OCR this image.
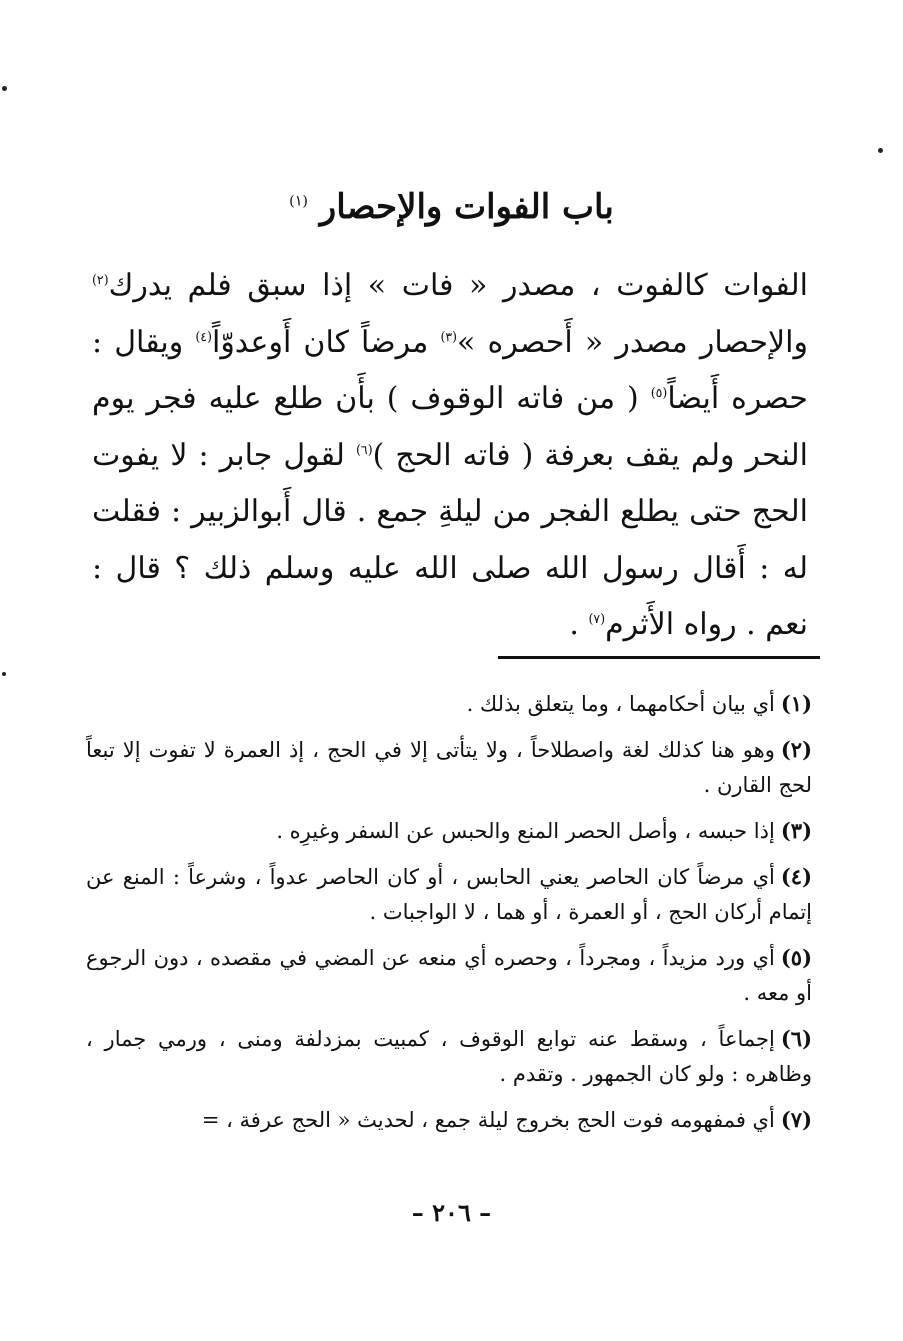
باب الفوات والإحصار $^{(١)}$

الفوات كالفوت ، مصدر « فات » إذا سبق فلم يدرك$^{(٢)}$ والإحصار مصدر « أَحصره »$^{(٣)}$ مرضاً كان أَوعدوّاً$^{(٤)}$ ويقال : حصره أَيضاً$^{(٥)}$ ( من فاته الوقوف ) بأَن طلع عليه فجر يوم النحر ولم يقف بعرفة ( فاته الحج )$^{(٦)}$ لقول جابر : لا يفوت الحج حتى يطلع الفجر من ليلةِ جمع . قال أَبوالزبير : فقلت له : أَقال رسول الله صلى الله عليه وسلم ذلك ؟ قال : نعم . رواه الأَثرم$^{(٧)}$ .

(١)أي بيان أحكامهما ، وما يتعلق بذلك .

(٢)وهو هنا كذلك لغة واصطلاحاً ، ولا يتأتى إلا في الحج ، إذ العمرة لا تفوت إلا تبعاً لحج القارن .

(٣)إذا حبسه ، وأصل الحصر المنع والحبس عن السفر وغيرِه .

(٤)أي مرضاً كان الحاصر يعني الحابس ، أو كان الحاصر عدواً ، وشرعاً : المنع عن إتمام أركان الحج ، أو العمرة ، أو هما ، لا الواجبات .

(٥)أي ورد مزيداً ، ومجرداً ، وحصره أي منعه عن المضي في مقصده ، دون الرجوع أو معه .

(٦)إجماعاً ، وسقط عنه توابع الوقوف ، كمبيت بمزدلفة ومنى ، ورمي جمار ، وظاهره : ولو كان الجمهور . وتقدم .

(٧)أي فمفهومه فوت الحج بخروج ليلة جمع ، لحديث « الحج عرفة ، =

– ٢٠٦ –
